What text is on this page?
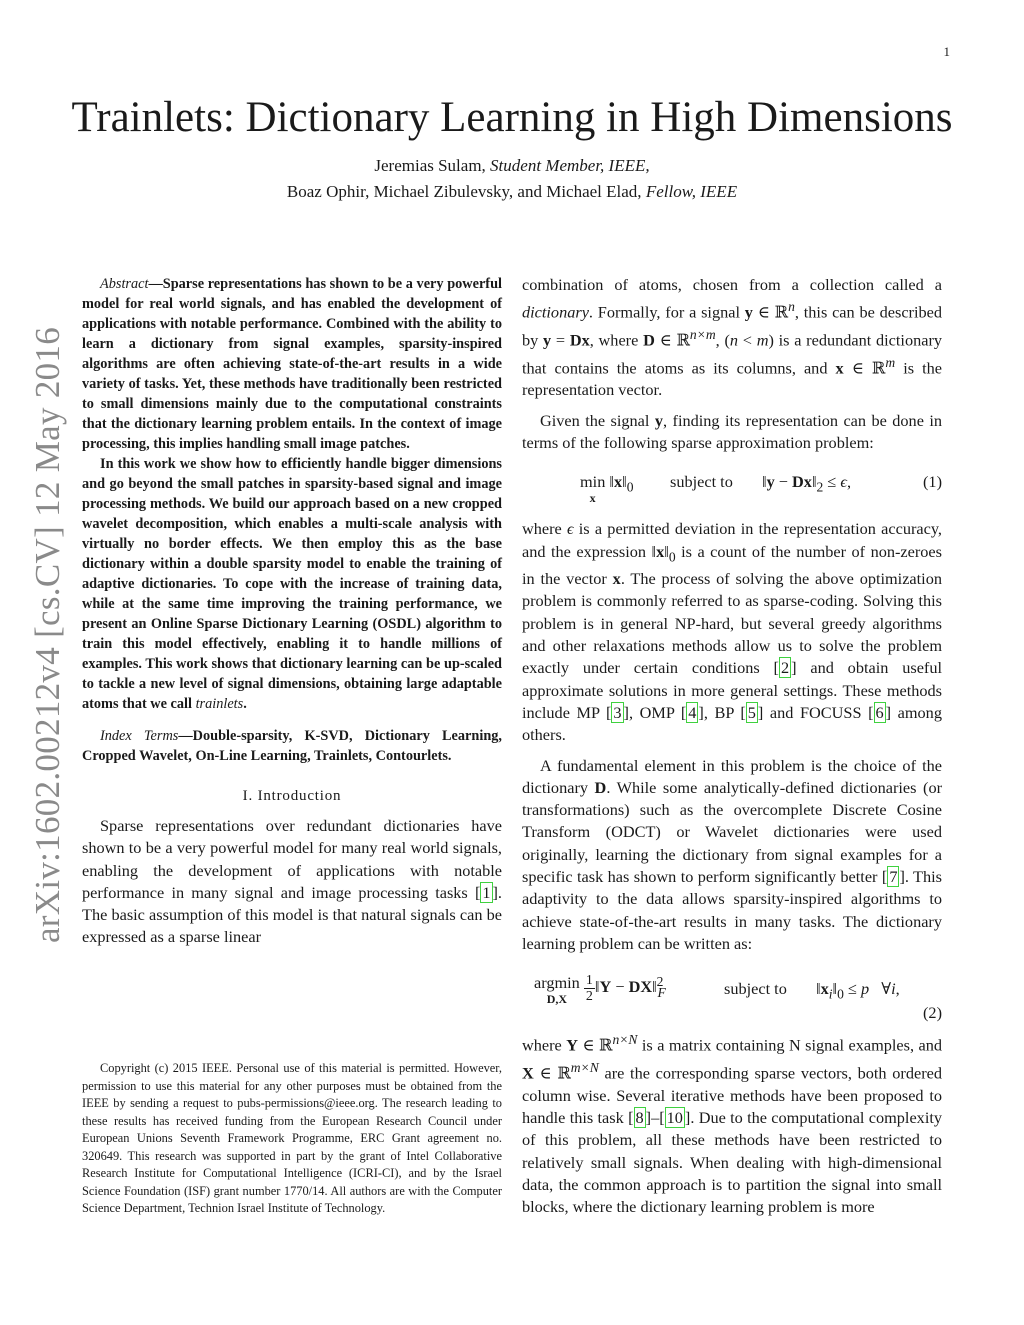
1
arXiv:1602.00212v4 [cs.CV] 12 May 2016
Trainlets: Dictionary Learning in High Dimensions
Jeremias Sulam, Student Member, IEEE,
Boaz Ophir, Michael Zibulevsky, and Michael Elad, Fellow, IEEE

Abstract—Sparse representations has shown to be a very powerful model for real world signals, and has enabled the development of applications with notable performance. Combined with the ability to learn a dictionary from signal examples, sparsity-inspired algorithms are often achieving state-of-the-art results in a wide variety of tasks. Yet, these methods have traditionally been restricted to small dimensions mainly due to the computational constraints that the dictionary learning problem entails. In the context of image processing, this implies handling small image patches.

In this work we show how to efficiently handle bigger dimensions and go beyond the small patches in sparsity-based signal and image processing methods. We build our approach based on a new cropped wavelet decomposition, which enables a multi-scale analysis with virtually no border effects. We then employ this as the base dictionary within a double sparsity model to enable the training of adaptive dictionaries. To cope with the increase of training data, while at the same time improving the training performance, we present an Online Sparse Dictionary Learning (OSDL) algorithm to train this model effectively, enabling it to handle millions of examples. This work shows that dictionary learning can be up-scaled to tackle a new level of signal dimensions, obtaining large adaptable atoms that we call trainlets.

Index Terms—Double-sparsity, K-SVD, Dictionary Learning, Cropped Wavelet, On-Line Learning, Trainlets, Contourlets.

I. Introduction

Sparse representations over redundant dictionaries have shown to be a very powerful model for many real world signals, enabling the development of applications with notable performance in many signal and image processing tasks [ 1 ]. The basic assumption of this model is that natural signals can be expressed as a sparse linear

Copyright (c) 2015 IEEE. Personal use of this material is permitted. However, permission to use this material for any other purposes must be obtained from the IEEE by sending a request to pubs-permissions@ieee.org. The research leading to these results has received funding from the European Research Council under European Unions Seventh Framework Programme, ERC Grant agreement no. 320649. This research was supported in part by the grant of Intel Collaborative Research Institute for Computational Intelligence (ICRI-CI), and by the Israel Science Foundation (ISF) grant number 1770/14. All authors are with the Computer Science Department, Technion Israel Institute of Technology.

combination of atoms, chosen from a collection called a dictionary. Formally, for a signal y ∈ ℝ$^n$, this can be described by y = Dx, where D ∈ ℝ$^{n\times m}$, (n < m) is a redundant dictionary that contains the atoms as its columns, and x ∈ ℝ$^m$ is the representation vector.

Given the signal y, finding its representation can be done in terms of the following sparse approximation problem:

min
x
$‖x‖_0$ subject to ‖y − $Dx‖_2 \le \epsilon$,	(1)

where ϵ is a permitted deviation in the representation accuracy, and the expression $‖x‖_0$ is a count of the number of non-zeroes in the vector x. The process of solving the above optimization problem is commonly referred to as sparse-coding. Solving this problem is in general NP-hard, but several greedy algorithms and other relaxations methods allow us to solve the problem exactly under certain conditions [ 2 ] and obtain useful approximate solutions in more general settings. These methods include MP [ 3 ], OMP [ 4 ], BP [ 5 ] and FOCUSS [ 6 ] among others.

A fundamental element in this problem is the choice of the dictionary D. While some analytically-defined dictionaries (or transformations) such as the overcomplete Discrete Cosine Transform (ODCT) or Wavelet dictionaries were used originally, learning the dictionary from signal examples for a specific task has shown to perform significantly better [ 7 ]. This adaptivity to the data allows sparsity-inspired algorithms to achieve state-of-the-art results in many tasks. The dictionary learning problem can be written as:

argmin
D,X
	$\frac{1}{2}$ ‖Y − DX‖$^2_F$	subject to $‖x_i‖_0 \le p$   ∀i,
(2)

where Y ∈ ℝ$^{n\times N}$ is a matrix containing N signal examples, and X ∈ ℝ$^{m\times N}$ are the corresponding sparse vectors, both ordered column wise. Several iterative methods have been proposed to handle this task [ 8 ]–[ 10 ]. Due to the computational complexity of this problem, all these methods have been restricted to relatively small signals. When dealing with high-dimensional data, the common approach is to partition the signal into small blocks, where the dictionary learning problem is more
